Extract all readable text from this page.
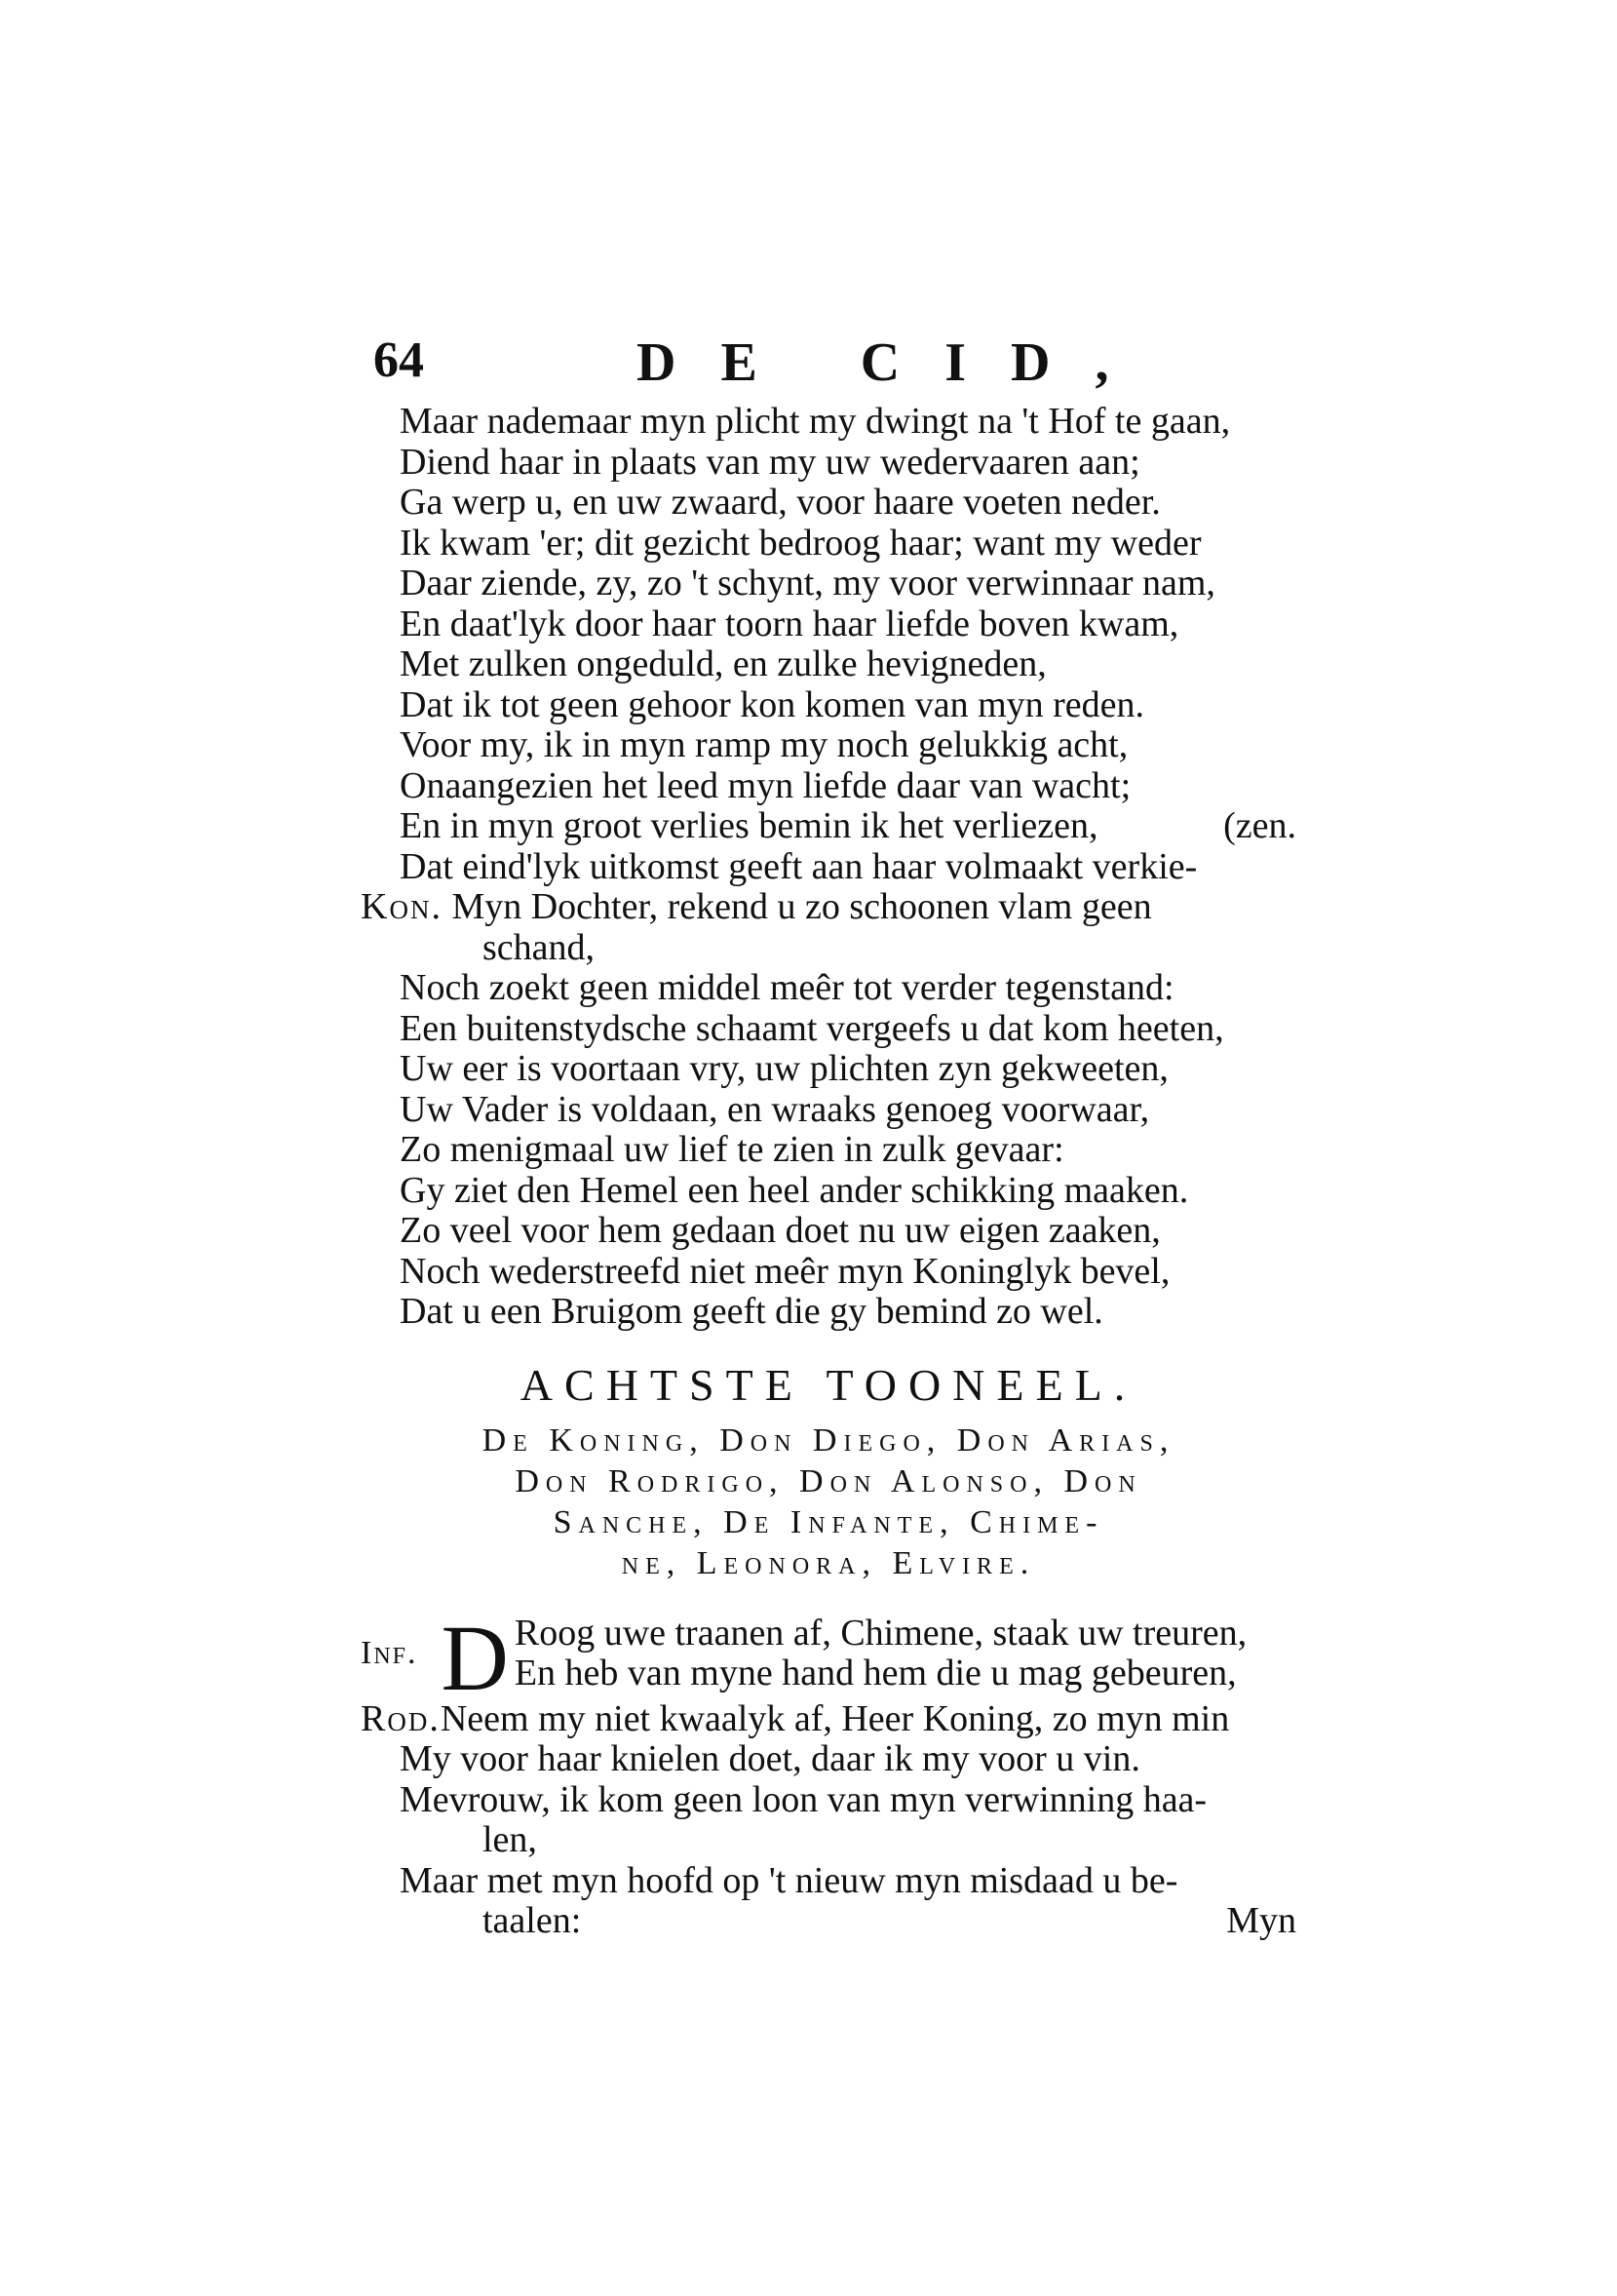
64	DE CID,
Maar nademaar myn plicht my dwingt na 't Hof te gaan,
Diend haar in plaats van my uw wedervaaren aan;
Ga werp u, en uw zwaard, voor haare voeten neder.
Ik kwam 'er; dit gezicht bedroog haar; want my weder
Daar ziende, zy, zo 't schynt, my voor verwinnaar nam,
En daat'lyk door haar toorn haar liefde boven kwam,
Met zulken ongeduld, en zulke hevigneden,
Dat ik tot geen gehoor kon komen van myn reden.
Voor my, ik in myn ramp my noch gelukkig acht,
Onaangezien het leed myn liefde daar van wacht;
En in myn groot verlies bemin ik het verliezen,	(zen.
Dat eind'lyk uitkomst geeft aan haar volmaakt verkie-
Kon. Myn Dochter, rekend u zo schoonen vlam geen
schand,
Noch zoekt geen middel meêr tot verder tegenstand:
Een buitenstydsche schaamt vergeefs u dat kom heeten,
Uw eer is voortaan vry, uw plichten zyn gekweeten,
Uw Vader is voldaan, en wraaks genoeg voorwaar,
Zo menigmaal uw lief te zien in zulk gevaar:
Gy ziet den Hemel een heel ander schikking maaken.
Zo veel voor hem gedaan doet nu uw eigen zaaken,
Noch wederstreefd niet meêr myn Koninglyk bevel,
Dat u een Bruigom geeft die gy bemind zo wel.
ACHTSTE TOONEEL.
De Koning, Don Diego, Don Arias,
Don Rodrigo, Don Alonso, Don
Sanche, De Infante, Chime-
ne, Leonora, Elvire.
Inf. D Roog uwe traanen af, Chimene, staak uw treuren,
En heb van myne hand hem die u mag gebeuren,
Rod.Neem my niet kwaalyk af, Heer Koning, zo myn min
My voor haar knielen doet, daar ik my voor u vin.
Mevrouw, ik kom geen loon van myn verwinning haa-
len,
Maar met myn hoofd op 't nieuw myn misdaad u be-
taalen:	Myn
